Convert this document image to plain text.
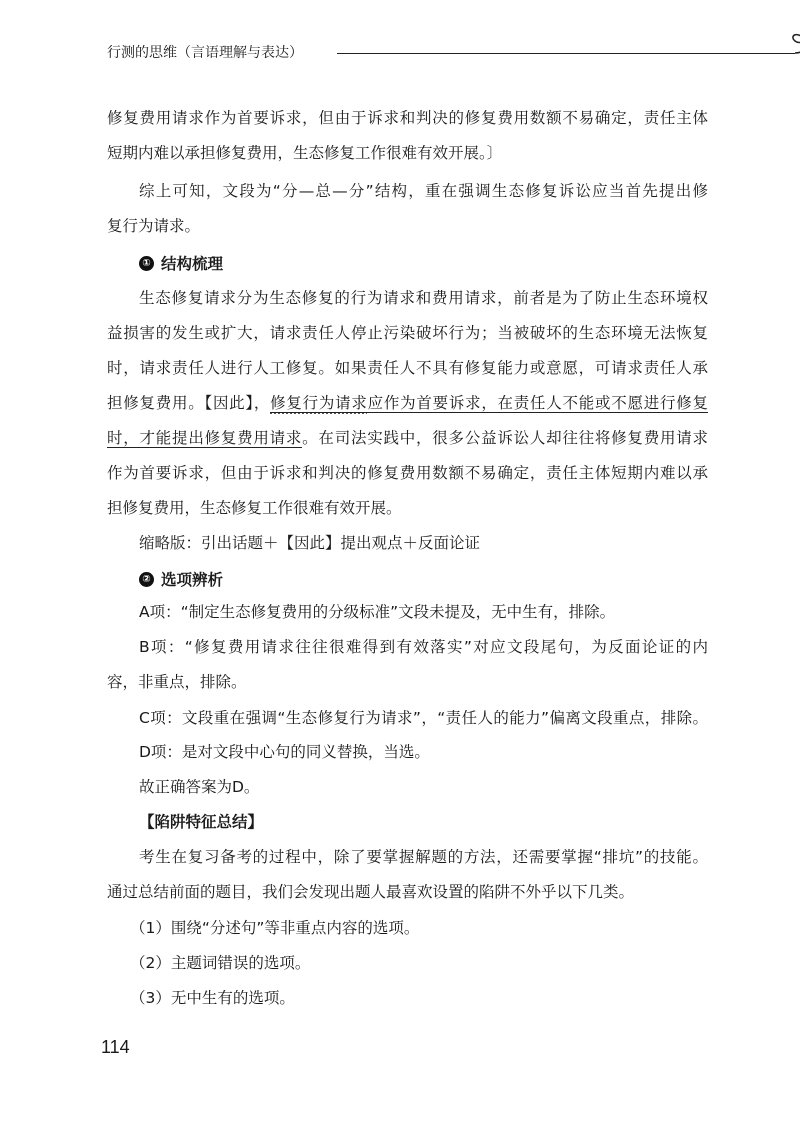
行测的思维（言语理解与表达）
修复费用请求作为首要诉求，但由于诉求和判决的修复费用数额不易确定，责任主体
短期内难以承担修复费用，生态修复工作很难有效开展。〕
综上可知，文段为“分—总—分”结构，重在强调生态修复诉讼应当首先提出修
复行为请求。
① 结构梳理
生态修复请求分为生态修复的行为请求和费用请求，前者是为了防止生态环境权
益损害的发生或扩大，请求责任人停止污染破坏行为；当被破坏的生态环境无法恢复
时，请求责任人进行人工修复。如果责任人不具有修复能力或意愿，可请求责任人承
担修复费用。【因此】，修复行为请求应作为首要诉求，在责任人不能或不愿进行修复
时，才能提出修复费用请求。在司法实践中，很多公益诉讼人却往往将修复费用请求
作为首要诉求，但由于诉求和判决的修复费用数额不易确定，责任主体短期内难以承
担修复费用，生态修复工作很难有效开展。
缩略版：引出话题＋【因此】提出观点＋反面论证
② 选项辨析
A项：“制定生态修复费用的分级标准”文段未提及，无中生有，排除。
B项：“修复费用请求往往很难得到有效落实”对应文段尾句，为反面论证的内
容，非重点，排除。
C项：文段重在强调“生态修复行为请求”，“责任人的能力”偏离文段重点，排除。
D项：是对文段中心句的同义替换，当选。
故正确答案为D。
【陷阱特征总结】
考生在复习备考的过程中，除了要掌握解题的方法，还需要掌握“排坑”的技能。
通过总结前面的题目，我们会发现出题人最喜欢设置的陷阱不外乎以下几类。
（1）围绕“分述句”等非重点内容的选项。
（2）主题词错误的选项。
（3）无中生有的选项。
114
